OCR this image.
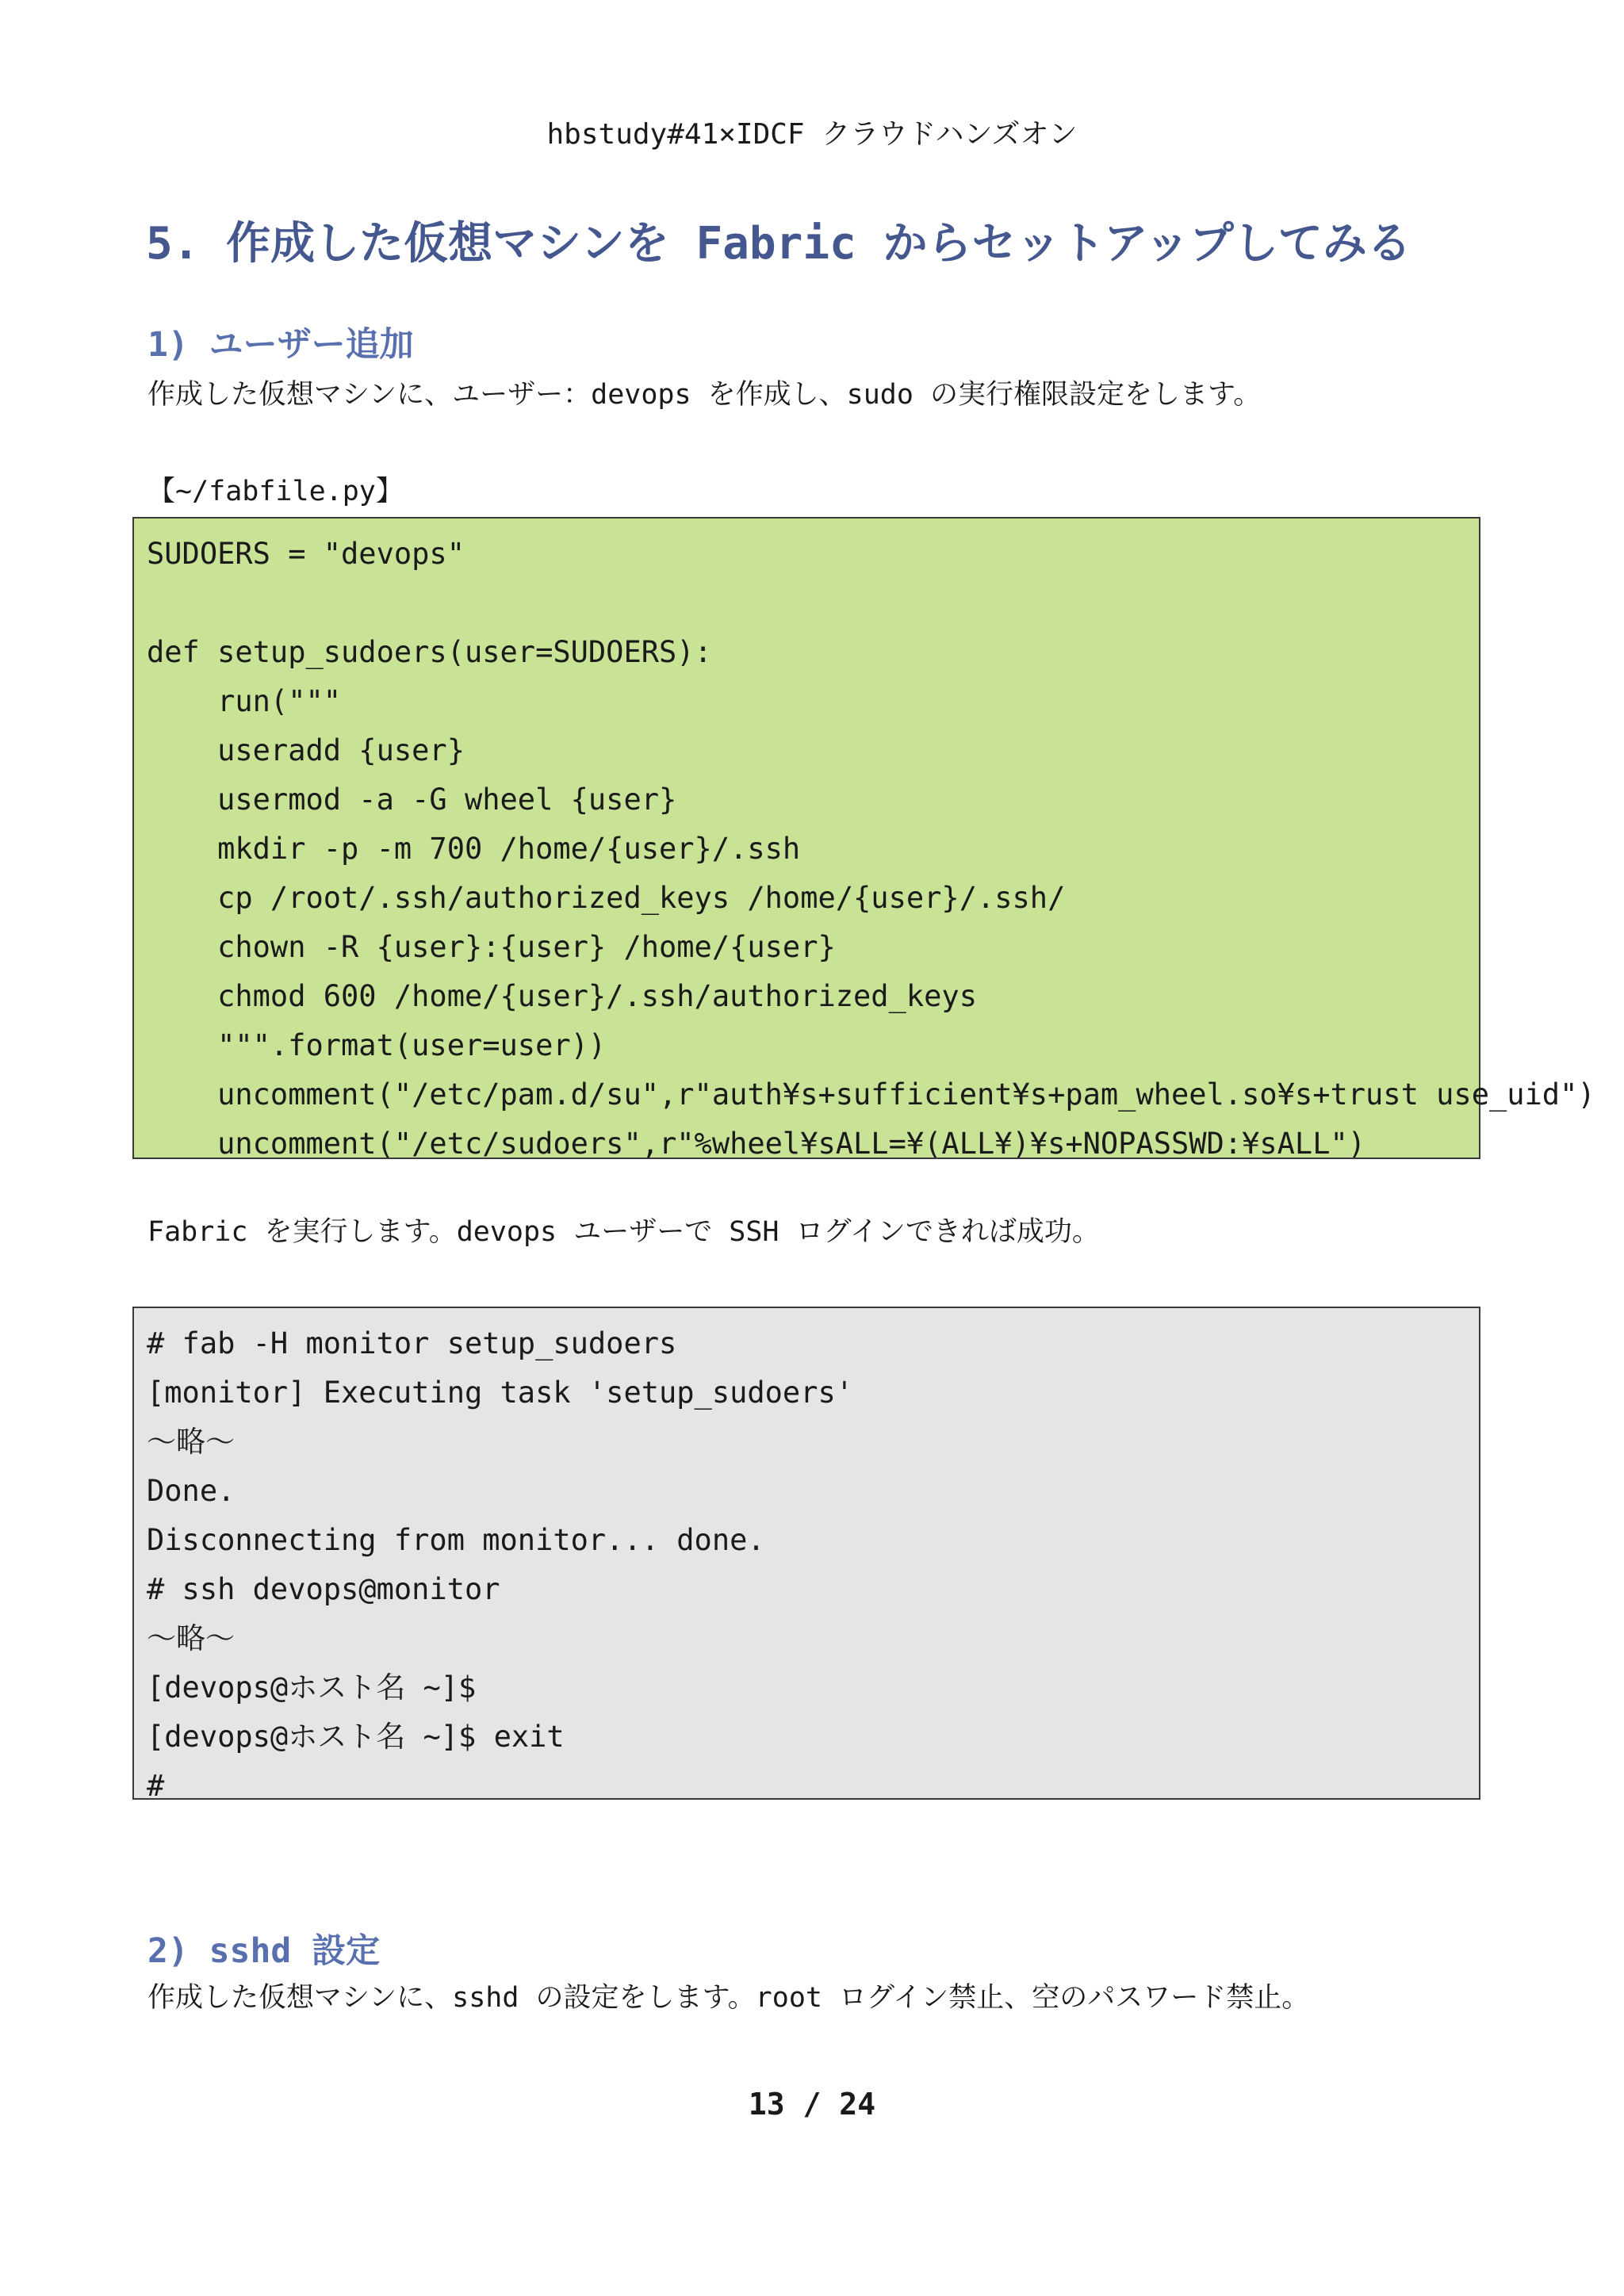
hbstudy#41×IDCF クラウドハンズオン
5. 作成した仮想マシンを Fabric からセットアップしてみる
1) ユーザー追加
作成した仮想マシンに、ユーザー：devops を作成し、sudo の実行権限設定をします。
【~/fabfile.py】
SUDOERS = "devops"
def setup_sudoers(user=SUDOERS):
run("""
useradd {user}
usermod -a -G wheel {user}
mkdir -p -m 700 /home/{user}/.ssh
cp /root/.ssh/authorized_keys /home/{user}/.ssh/
chown -R {user}:{user} /home/{user}
chmod 600 /home/{user}/.ssh/authorized_keys
""".format(user=user))
uncomment("/etc/pam.d/su",r"auth¥s+sufficient¥s+pam_wheel.so¥s+trust use_uid")
uncomment("/etc/sudoers",r"%wheel¥sALL=¥(ALL¥)¥s+NOPASSWD:¥sALL")
Fabric を実行します。devops ユーザーで SSH ログインできれば成功。
# fab -H monitor setup_sudoers
[monitor] Executing task 'setup_sudoers'
～略～
Done.
Disconnecting from monitor... done.
# ssh devops@monitor
～略～
[devops@ホスト名 ~]$
[devops@ホスト名 ~]$ exit
#
2) sshd 設定
作成した仮想マシンに、sshd の設定をします。root ログイン禁止、空のパスワード禁止。
13 / 24
